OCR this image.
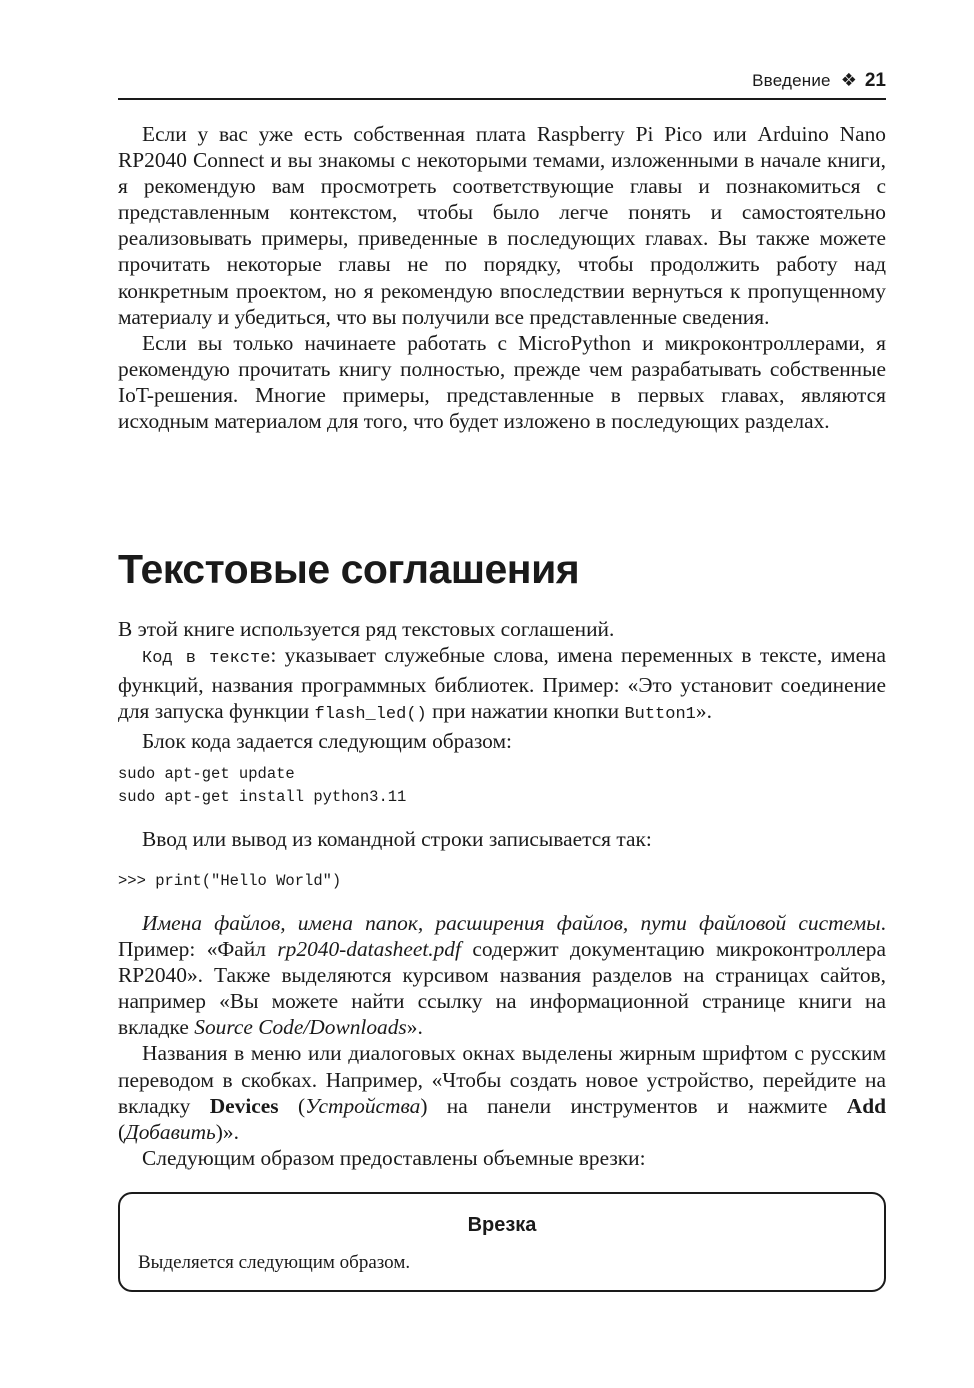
Введение ❖ 21

Если у вас уже есть собственная плата Raspberry Pi Pico или Arduino Nano RP2040 Connect и вы знакомы с некоторыми темами, изложенными в начале книги, я рекомендую вам просмотреть соответствующие главы и познакомиться с представленным контекстом, чтобы было легче понять и самостоятельно реализовывать примеры, приведенные в последующих главах. Вы также можете прочитать некоторые главы не по порядку, чтобы продолжить работу над конкретным проектом, но я рекомендую впоследствии вернуться к пропущенному материалу и убедиться, что вы получили все представленные сведения.

Если вы только начинаете работать с MicroPython и микроконтроллерами, я рекомендую прочитать книгу полностью, прежде чем разрабатывать собственные IoT-решения. Многие примеры, представленные в первых главах, являются исходным материалом для того, что будет изложено в последующих разделах.

Текстовые соглашения

В этой книге используется ряд текстовых соглашений.

Код в тексте: указывает служебные слова, имена переменных в тексте, имена функций, названия программных библиотек. Пример: «Это установит соединение для запуска функции flash_led() при нажатии кнопки Button1».

Блок кода задается следующим образом:

sudo apt-get update
sudo apt-get install python3.11

Ввод или вывод из командной строки записывается так:

>>> print("Hello World")

Имена файлов, имена папок, расширения файлов, пути файловой системы. Пример: «Файл rp2040-datasheet.pdf содержит документацию микроконтроллера RP2040». Также выделяются курсивом названия разделов на страницах сайтов, например «Вы можете найти ссылку на информационной странице книги на вкладке Source Code/Downloads».

Названия в меню или диалоговых окнах выделены жирным шрифтом с русским переводом в скобках. Например, «Чтобы создать новое устройство, перейдите на вкладку Devices (Устройства) на панели инструментов и нажмите Add (Добавить)».

Следующим образом предоставлены объемные врезки:

Врезка
Выделяется следующим образом.
